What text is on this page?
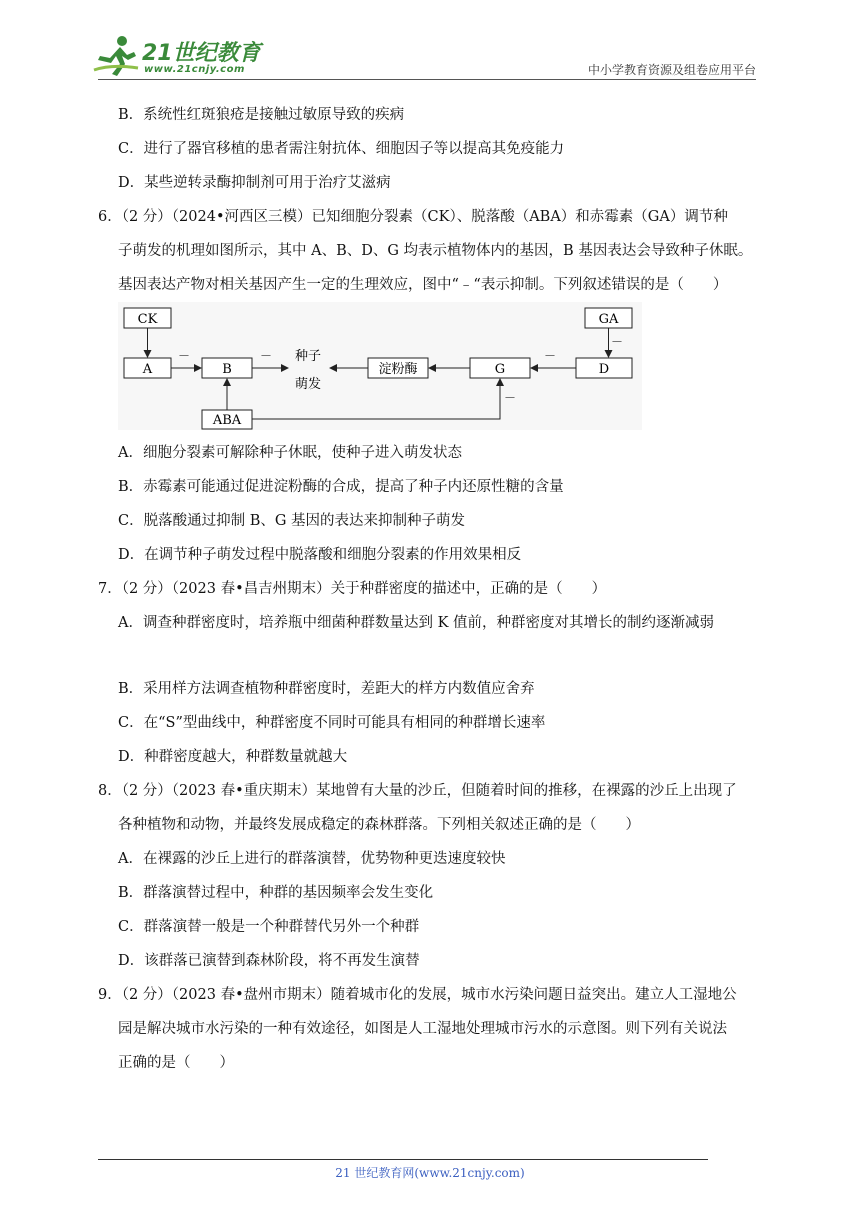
21世纪教育
www.21cnjy.com	中小学教育资源及组卷应用平台
B．系统性红斑狼疮是接触过敏原导致的疾病
C．进行了器官移植的患者需注射抗体、细胞因子等以提高其免疫能力
D．某些逆转录酶抑制剂可用于治疗艾滋病
6．（2 分）（2024•河西区三模）已知细胞分裂素（CK）、脱落酸（ABA）和赤霉素（GA）调节种
子萌发的机理如图所示，其中 A、B、D、G 均表示植物体内的基因，B 基因表达会导致种子休眠。
基因表达产物对相关基因产生一定的生理效应，图中“﹣“表示抑制。下列叙述错误的是（　　）
CK
A	B
种子
萌发
淀粉酶	G	D
GA
ABA
－	－	－
－
－
A．细胞分裂素可解除种子休眠，使种子进入萌发状态
B．赤霉素可能通过促进淀粉酶的合成，提高了种子内还原性糖的含量
C．脱落酸通过抑制 B、G 基因的表达来抑制种子萌发
D．在调节种子萌发过程中脱落酸和细胞分裂素的作用效果相反
7．（2 分）（2023 春•昌吉州期末）关于种群密度的描述中，正确的是（　　）
A．调查种群密度时，培养瓶中细菌种群数量达到 K 值前，种群密度对其增长的制约逐渐减弱
B．采用样方法调查植物种群密度时，差距大的样方内数值应舍弃
C．在“S”型曲线中，种群密度不同时可能具有相同的种群增长速率
D．种群密度越大，种群数量就越大
8．（2 分）（2023 春•重庆期末）某地曾有大量的沙丘，但随着时间的推移，在裸露的沙丘上出现了
各种植物和动物，并最终发展成稳定的森林群落。下列相关叙述正确的是（　　）
A．在裸露的沙丘上进行的群落演替，优势物种更迭速度较快
B．群落演替过程中，种群的基因频率会发生变化
C．群落演替一般是一个种群替代另外一个种群
D．该群落已演替到森林阶段，将不再发生演替
9．（2 分）（2023 春•盘州市期末）随着城市化的发展，城市水污染问题日益突出。建立人工湿地公
园是解决城市水污染的一种有效途径，如图是人工湿地处理城市污水的示意图。则下列有关说法
正确的是（　　）
21 世纪教育网(www.21cnjy.com)
